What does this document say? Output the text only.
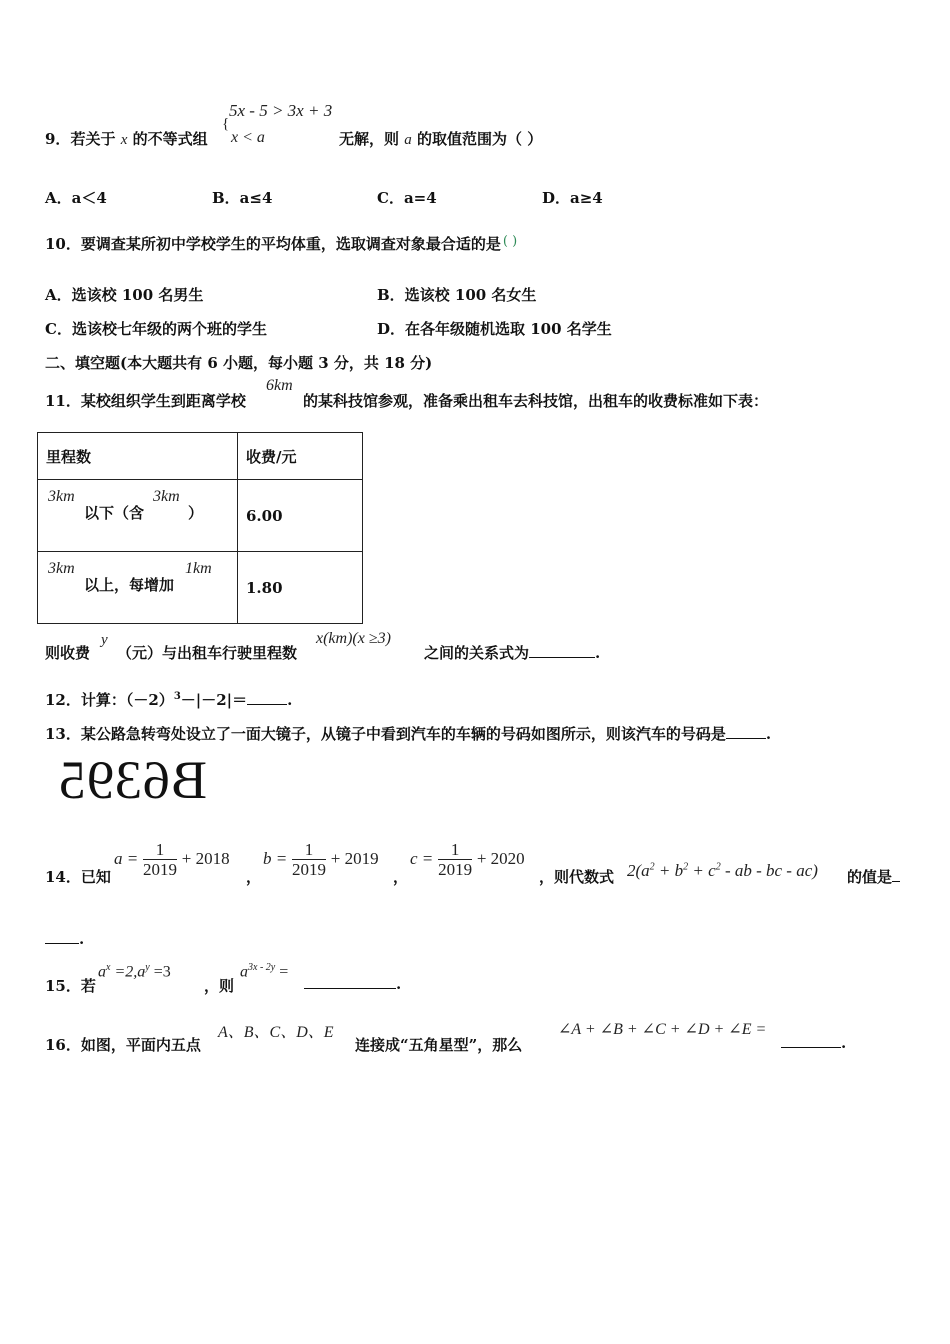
9．若关于 x 的不等式组
{
5x - 5 > 3x + 3
x < a	无解，则 a 的取值范围为（ ）
A．a＜4	B．a≤4	C．a=4	D．a≥4
10．要调查某所初中学校学生的平均体重，选取调查对象最合适的是 ( )
A．选该校 100 名男生	B．选该校 100 名女生
C．选该校七年级的两个班的学生	D．在各年级随机选取 100 名学生
二、填空题(本大题共有 6 小题，每小题 3 分，共 18 分)
11．某校组织学生到距离学校
6km
的某科技馆参观，准备乘出租车去科技馆，出租车的收费标准如下表：
里程数	收费/元

3km
以下（含
3km
）	6.00

3km
以上，每增加
1km	1.80
则收费
y
（元）与出租车行驶里程数
x(km)(x ≥3)
之间的关系式为	.
12．计算：$(-2)^3-|-2|=$	.
13．某公路急转弯处设立了一面大镜子，从镜子中看到汽车的车辆的号码如图所示，则该汽车的号码是	.
B6395
14．已知
$a = \frac{1}{2019} + 2018$
，
$b = \frac{1}{2019} + 2019$
，
$c = \frac{1}{2019} + 2020$
，则代数式 $2(a^2 + b^2 + c^2$ - ab - bc - ac) 的值是
.
15．若
$a^x =2,a^y =3$
，则
$a^{3x - 2y}$ =
.
16．如图，平面内五点
A、B、C、D、E
连接成“五角星型”，那么
∠A + ∠B + ∠C + ∠D + ∠E =
.
